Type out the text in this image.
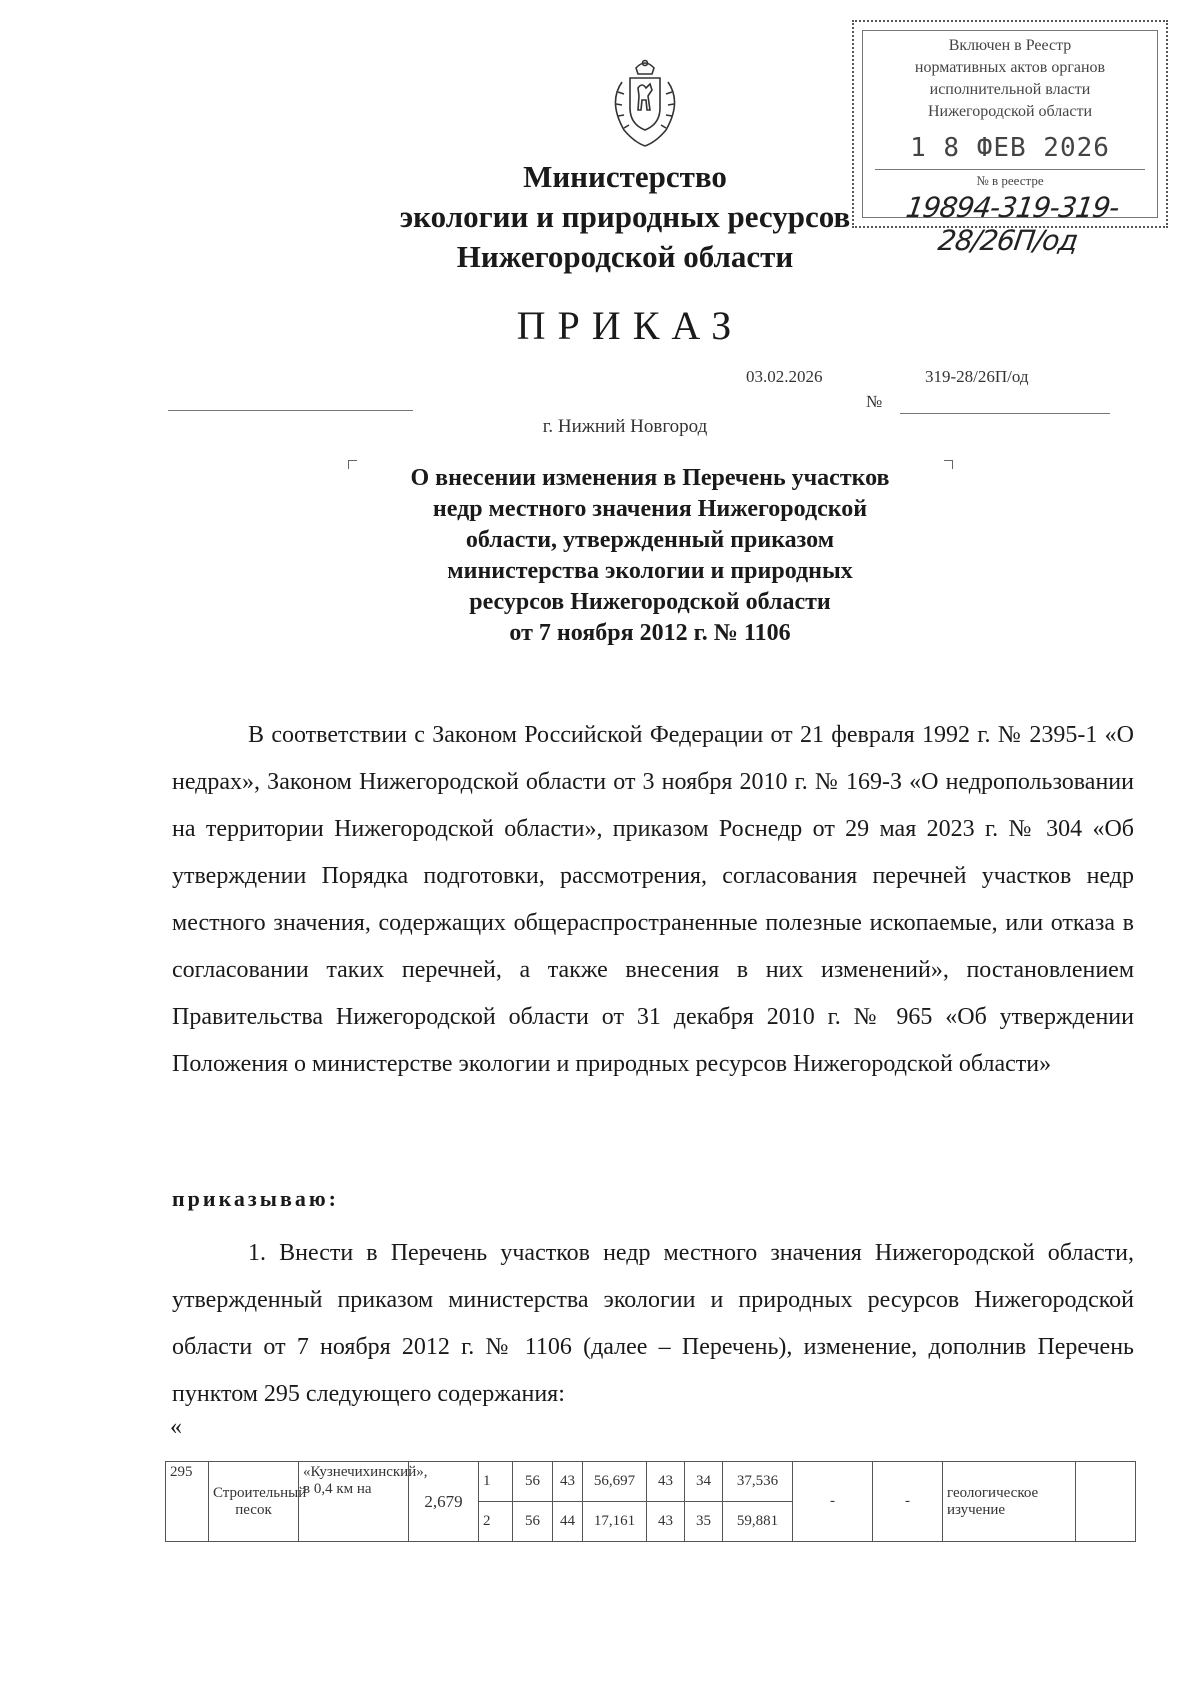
Включен в Реестр
нормативных актов органов
исполнительной власти
Нижегородской области
1 8 ФЕВ 2026
№ в реестре
19894-319-319-28/26П/од
Министерство
экологии и природных ресурсов
Нижегородской области
ПРИКАЗ
03.02.2026	319-28/26П/од
№
г. Нижний Новгород
О внесении изменения в Перечень участков
недр местного значения Нижегородской
области, утвержденный приказом
министерства экологии и природных
ресурсов Нижегородской области
от 7 ноября 2012 г. № 1106
В соответствии с Законом Российской Федерации от 21 февраля 1992 г. № 2395-1 «О недрах», Законом Нижегородской области от 3 ноября 2010 г. № 169-З «О недропользовании на территории Нижегородской области», приказом Роснедр от 29 мая 2023 г. № 304 «Об утверждении Порядка подготовки, рассмотрения, согласования перечней участков недр местного значения, содержащих общераспространенные полезные ископаемые, или отказа в согласовании таких перечней, а также внесения в них изменений», постановлением Правительства Нижегородской области от 31 декабря 2010 г. № 965 «Об утверждении Положения о министерстве экологии и природных ресурсов Нижегородской области»
приказываю:
1. Внести в Перечень участков недр местного значения Нижегородской области, утвержденный приказом министерства экологии и природных ресурсов Нижегородской области от 7 ноября 2012 г. № 1106 (далее – Перечень), изменение, дополнив Перечень пунктом 295 следующего содержания:
«
295	Строительный песок	«Кузнечихинский», в 0,4 км на	2,679	1	56	43	56,697	43	34	37,536	-	-	геологическое изучение	
				2	56	44	17,161	43	35	59,881				
